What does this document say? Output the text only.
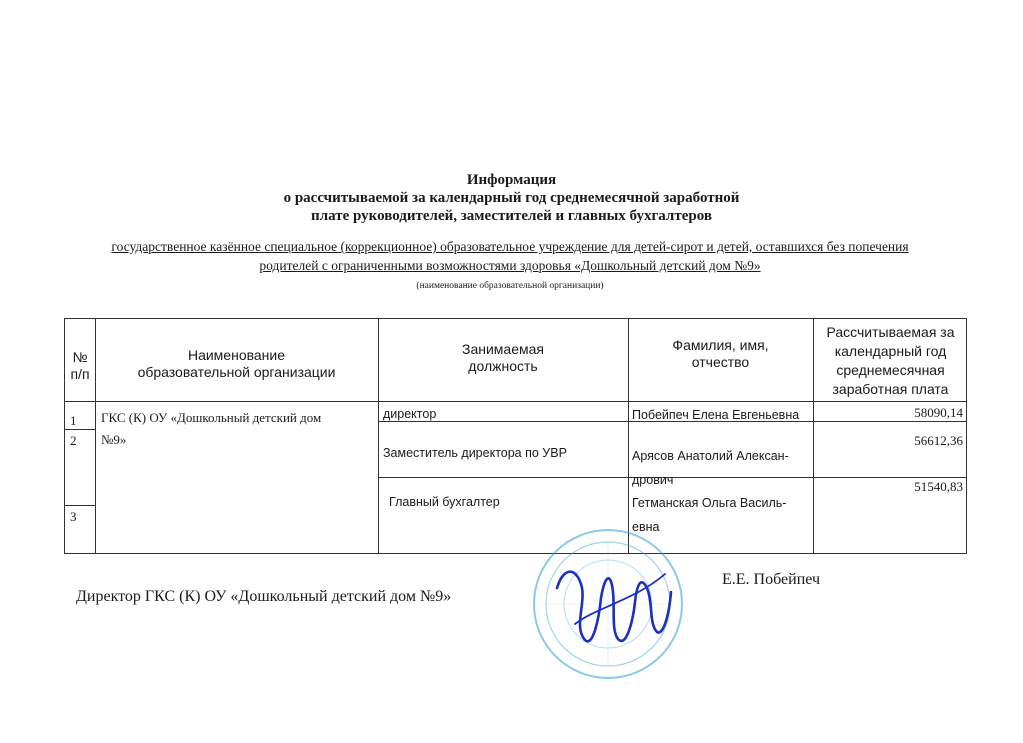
Информация
о рассчитываемой за календарный год среднемесячной заработной
плате руководителей, заместителей и главных бухгалтеров
государственное казённое специальное (коррекционное) образовательное учреждение для детей-сирот и детей, оставшихся без попечения
родителей с ограниченными возможностями здоровья «Дошкольный детский дом №9»
(наименование образовательной организации)
№
п/п
Наименование
образовательной организации
Занимаемая
должность
Фамилия, имя,
отчество
Рассчитываемая за
календарный год
среднемесячная
заработная плата
1
2
3
ГКС (К) ОУ «Дошкольный детский дом
№9»
директор
Заместитель директора по УВР
Главный бухгалтер
Побейпеч Елена Евгеньевна
Арясов Анатолий Алексан-
дрович
Гетманская Ольга Василь-
евна
58090,14
56612,36
51540,83
Директор ГКС (К) ОУ «Дошкольный детский дом №9»
Е.Е. Побейпеч
